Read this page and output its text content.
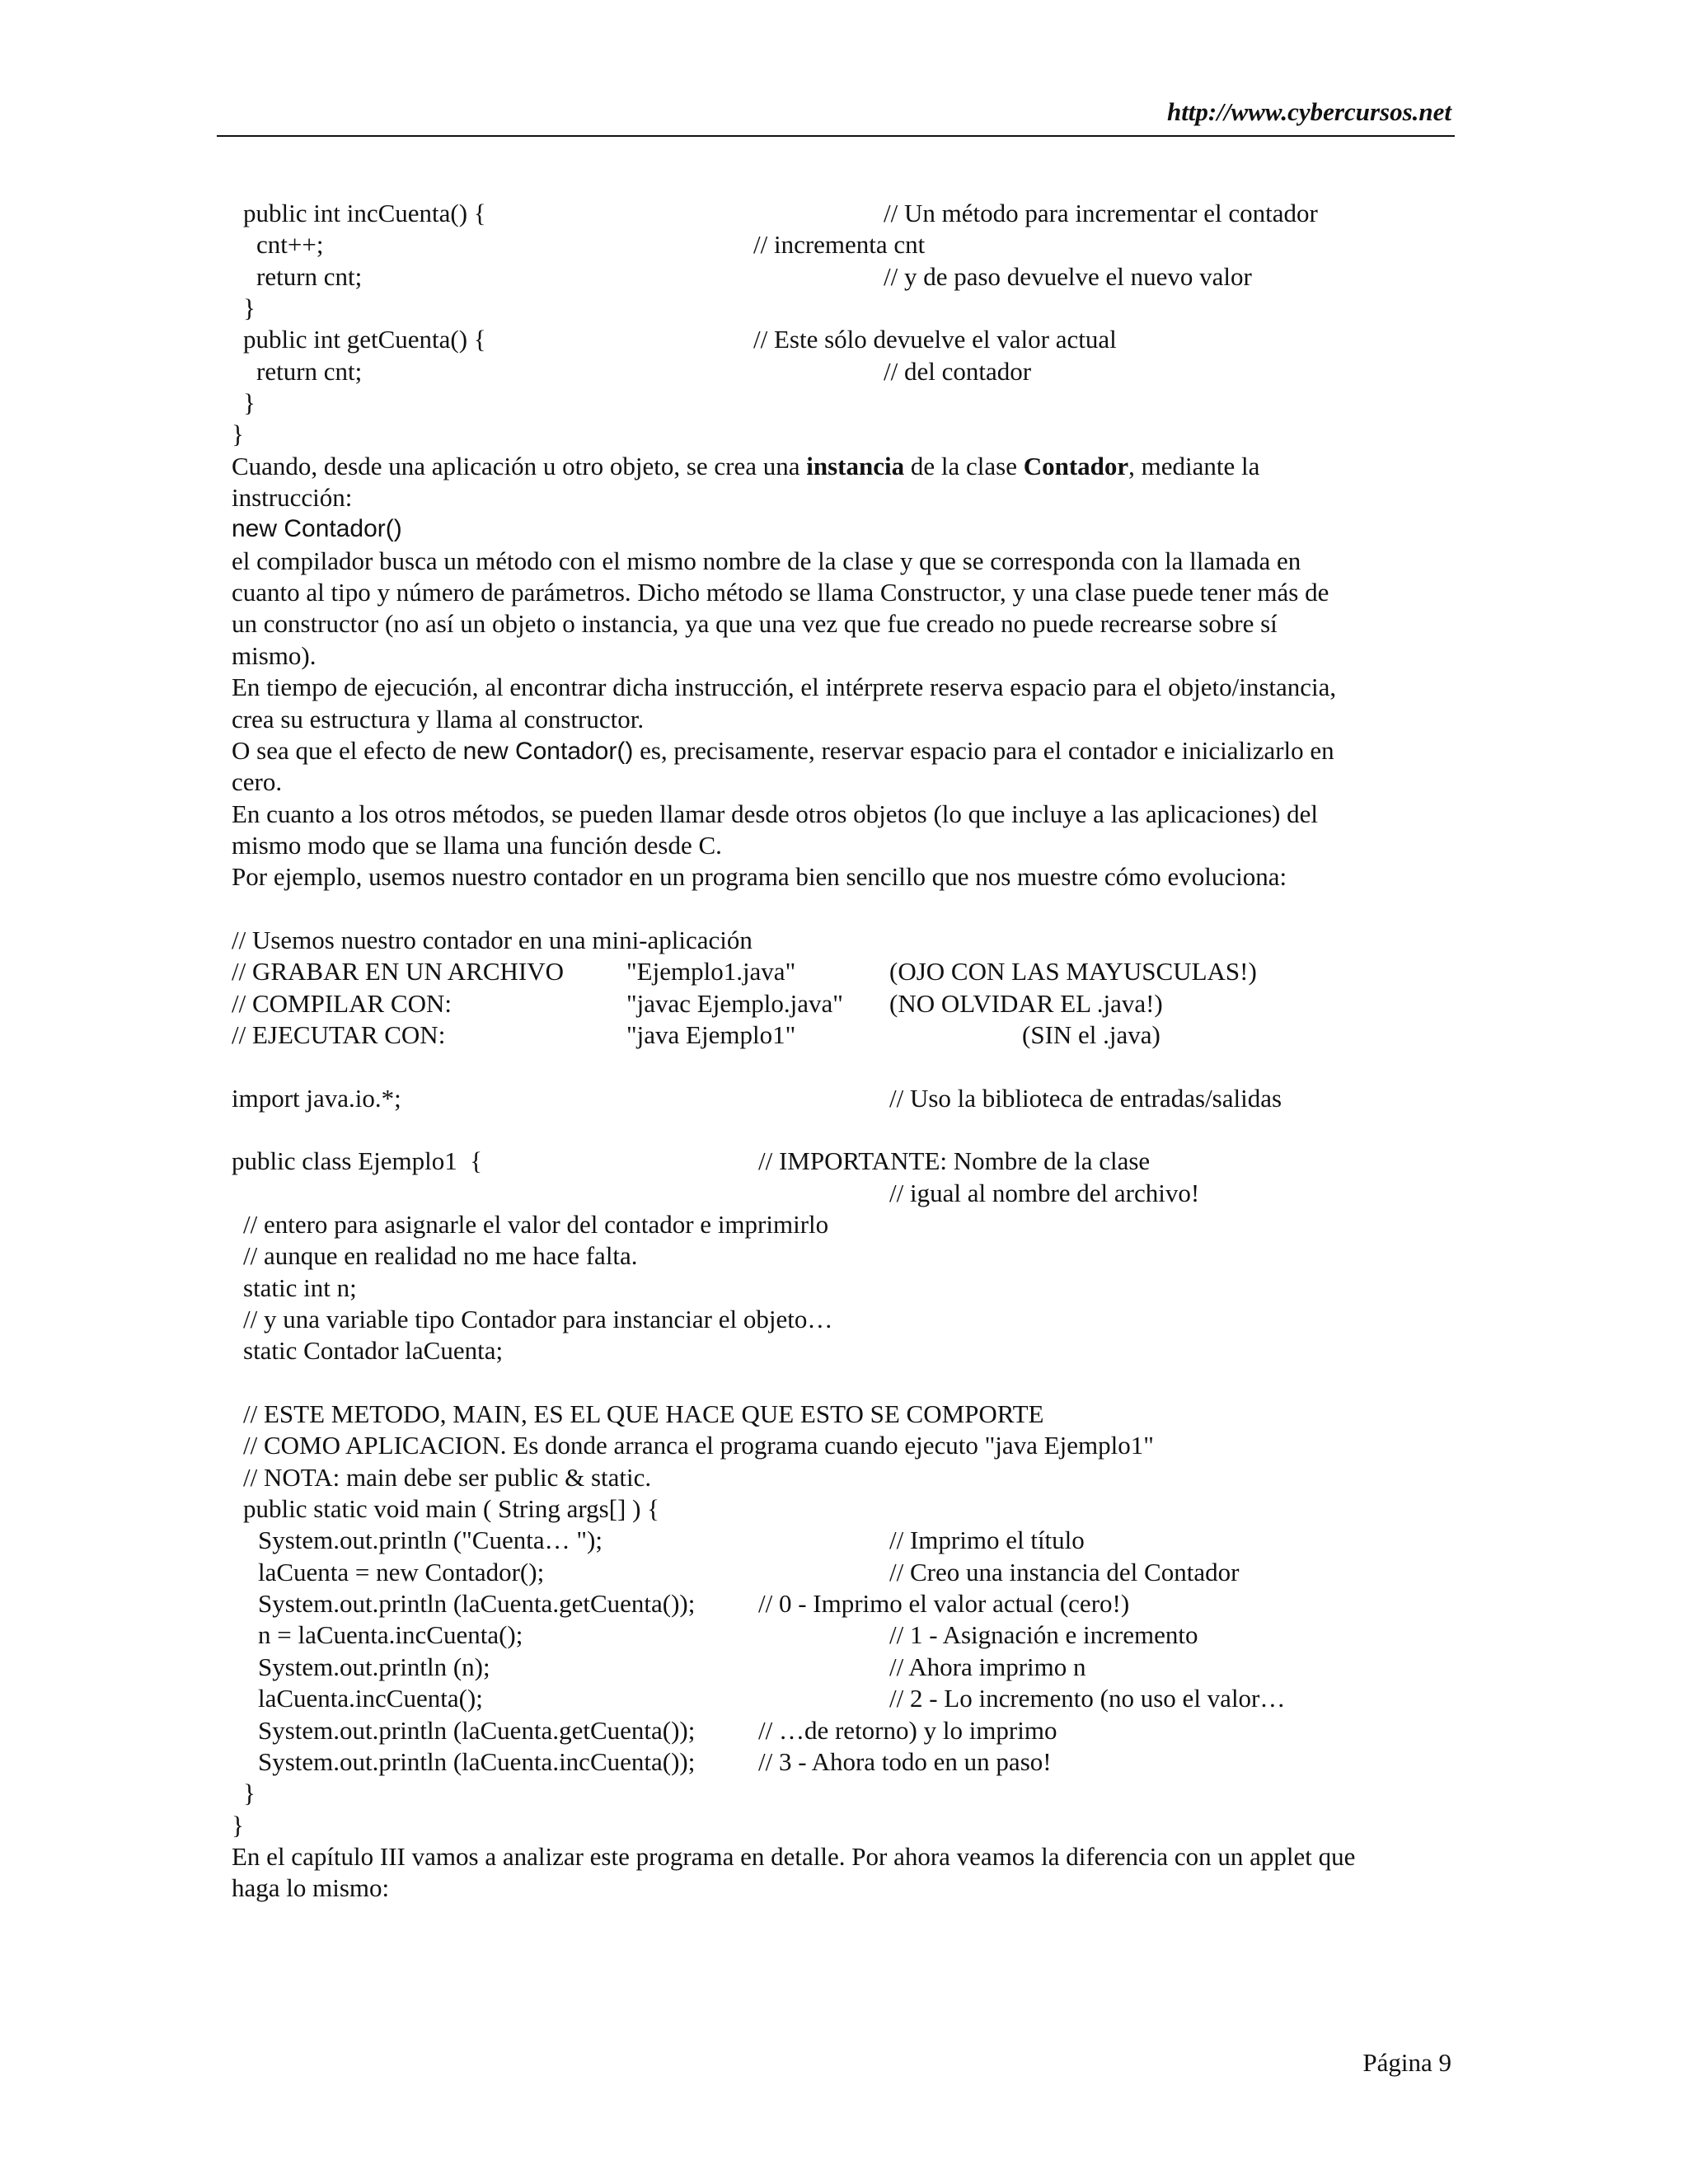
http://www.cybercursos.net
public int incCuenta() {	// Un método para incrementar el contador
cnt++;	// incrementa cnt
return cnt;	// y de paso devuelve el nuevo valor
}
public int getCuenta() {	// Este sólo devuelve el valor actual
return cnt;	// del contador
}
}
Cuando, desde una aplicación u otro objeto, se crea una instancia de la clase Contador, mediante la
instrucción:
new Contador()
el compilador busca un método con el mismo nombre de la clase y que se corresponda con la llamada en
cuanto al tipo y número de parámetros. Dicho método se llama Constructor, y una clase puede tener más de
un constructor (no así un objeto o instancia, ya que una vez que fue creado no puede recrearse sobre sí
mismo).
En tiempo de ejecución, al encontrar dicha instrucción, el intérprete reserva espacio para el objeto/instancia,
crea su estructura y llama al constructor.
O sea que el efecto de new Contador() es, precisamente, reservar espacio para el contador e inicializarlo en
cero.
En cuanto a los otros métodos, se pueden llamar desde otros objetos (lo que incluye a las aplicaciones) del
mismo modo que se llama una función desde C.
Por ejemplo, usemos nuestro contador en un programa bien sencillo que nos muestre cómo evoluciona:
// Usemos nuestro contador en una mini-aplicación
// GRABAR EN UN ARCHIVO "Ejemplo1.java"	(OJO CON LAS MAYUSCULAS!)
// COMPILAR CON:	"javac Ejemplo.java" (NO OLVIDAR EL .java!)
// EJECUTAR CON:	"java Ejemplo1"	(SIN el .java)
import java.io.*;	// Uso la biblioteca de entradas/salidas
public class Ejemplo1  {	// IMPORTANTE: Nombre de la clase
// igual al nombre del archivo!
// entero para asignarle el valor del contador e imprimirlo
// aunque en realidad no me hace falta.
static int n;
// y una variable tipo Contador para instanciar el objeto…
static Contador laCuenta;
// ESTE METODO, MAIN, ES EL QUE HACE QUE ESTO SE COMPORTE
// COMO APLICACION. Es donde arranca el programa cuando ejecuto "java Ejemplo1"
// NOTA: main debe ser public & static.
public static void main ( String args[] ) {
System.out.println ("Cuenta… ");	// Imprimo el título
laCuenta = new Contador();	// Creo una instancia del Contador
System.out.println (laCuenta.getCuenta()); // 0 - Imprimo el valor actual (cero!)
n = laCuenta.incCuenta();	// 1 - Asignación e incremento
System.out.println (n);	// Ahora imprimo n
laCuenta.incCuenta();	// 2 - Lo incremento (no uso el valor…
System.out.println (laCuenta.getCuenta()); // …de retorno) y lo imprimo
System.out.println (laCuenta.incCuenta()); // 3 - Ahora todo en un paso!
}
}
En el capítulo III vamos a analizar este programa en detalle. Por ahora veamos la diferencia con un applet que
haga lo mismo:
Página 9
